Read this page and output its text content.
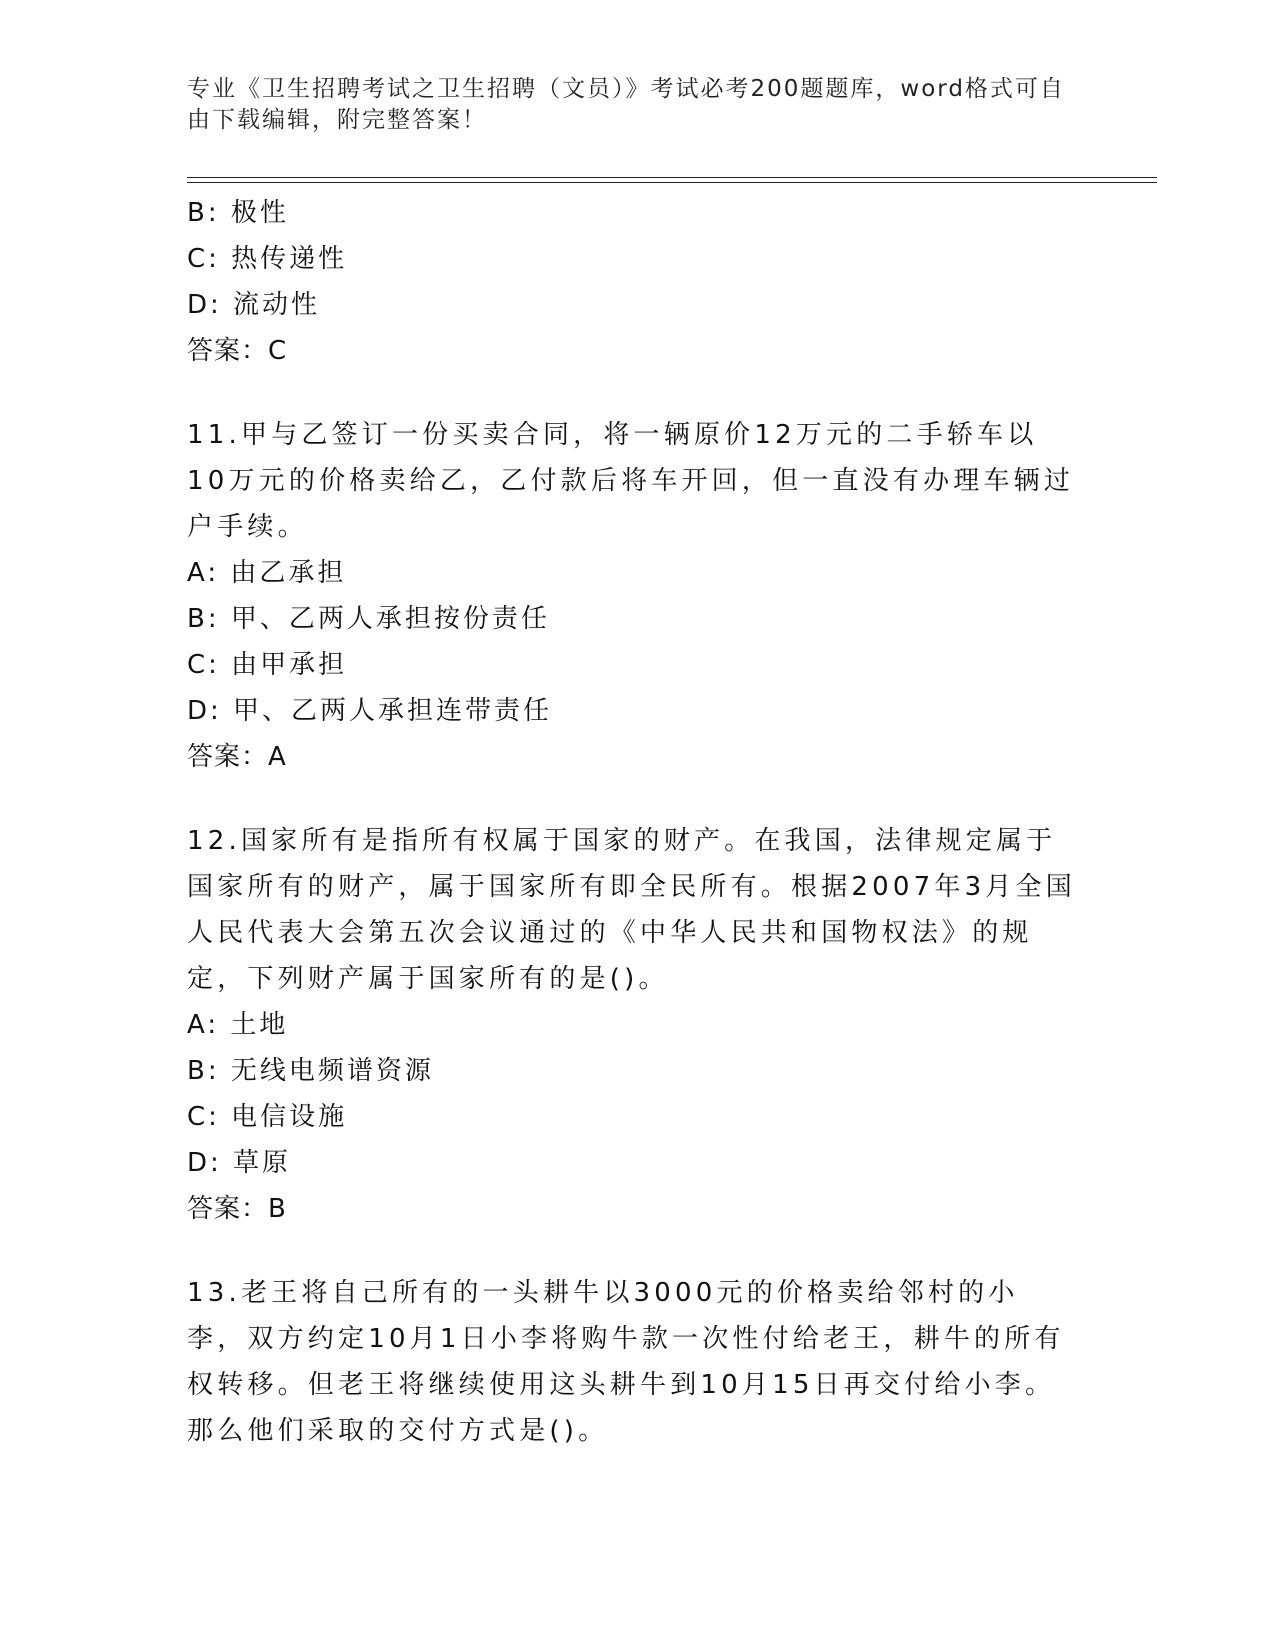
专业《卫生招聘考试之卫生招聘（文员）》考试必考200题题库，word格式可自由下载编辑，附完整答案！
B: 极性
C: 热传递性
D: 流动性
答案：C
11.甲与乙签订一份买卖合同，将一辆原价12万元的二手轿车以10万元的价格卖给乙，乙付款后将车开回，但一直没有办理车辆过户手续。
A: 由乙承担
B: 甲、乙两人承担按份责任
C: 由甲承担
D: 甲、乙两人承担连带责任
答案：A
12.国家所有是指所有权属于国家的财产。在我国，法律规定属于国家所有的财产，属于国家所有即全民所有。根据2007年3月全国人民代表大会第五次会议通过的《中华人民共和国物权法》的规定，下列财产属于国家所有的是()。
A: 土地
B: 无线电频谱资源
C: 电信设施
D: 草原
答案：B
13.老王将自己所有的一头耕牛以3000元的价格卖给邻村的小李，双方约定10月1日小李将购牛款一次性付给老王，耕牛的所有权转移。但老王将继续使用这头耕牛到10月15日再交付给小李。那么他们采取的交付方式是()。
